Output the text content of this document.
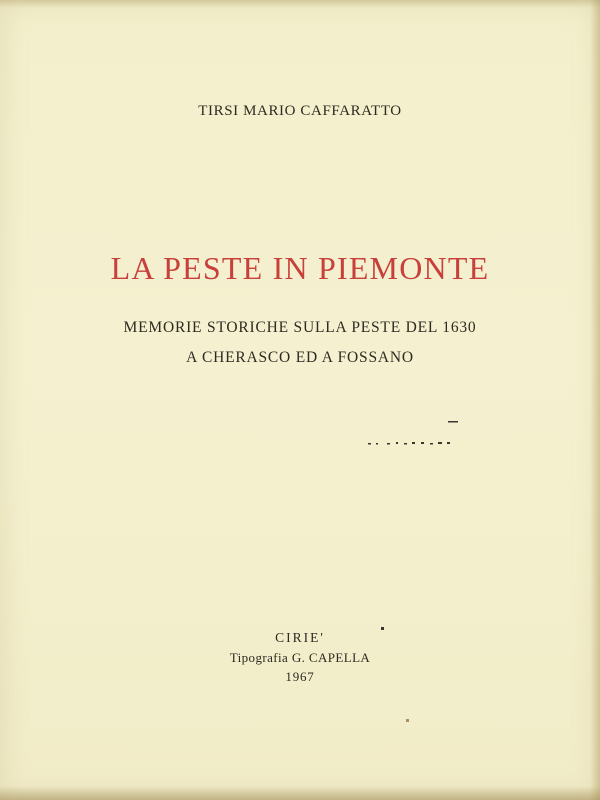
TIRSI MARIO CAFFARATTO
LA PESTE IN PIEMONTE
MEMORIE STORICHE SULLA PESTE DEL 1630
A CHERASCO ED A FOSSANO
CIRIE'
Tipografia G. CAPELLA
1967
